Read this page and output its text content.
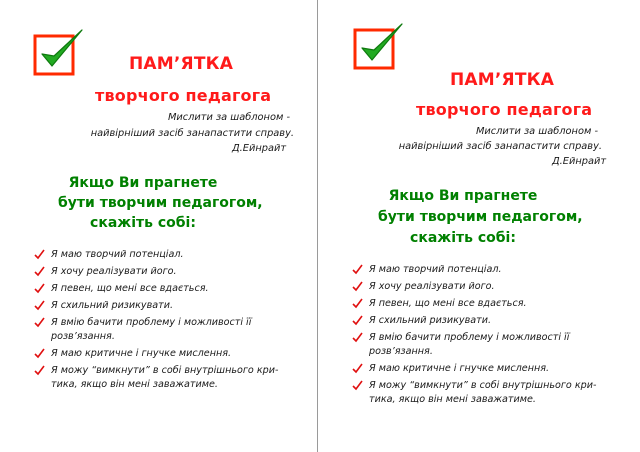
ПАМ’ЯТКА
творчого педагога
Мислити за шаблоном -
найвірніший засіб занапастити справу.
Д.Ейнрайт
Якщо Ви прагнете
бути творчим педагогом,
скажіть собі:
Я маю творчий потенціал.
Я хочу реалізувати його.
Я певен, що мені все вдається.
Я схильний ризикувати.
Я вмію бачити проблему і можливості її
розв’язання.
Я маю критичне і гнучке мислення.
Я можу “вимкнути” в собі внутрішнього кри-
тика, якщо він мені заважатиме.
ПАМ’ЯТКА
творчого педагога
Мислити за шаблоном -
найвірніший засіб занапастити справу.
Д.Ейнрайт
Якщо Ви прагнете
бути творчим педагогом,
скажіть собі:
Я маю творчий потенціал.
Я хочу реалізувати його.
Я певен, що мені все вдається.
Я схильний ризикувати.
Я вмію бачити проблему і можливості її
розв’язання.
Я маю критичне і гнучке мислення.
Я можу “вимкнути” в собі внутрішнього кри-
тика, якщо він мені заважатиме.
